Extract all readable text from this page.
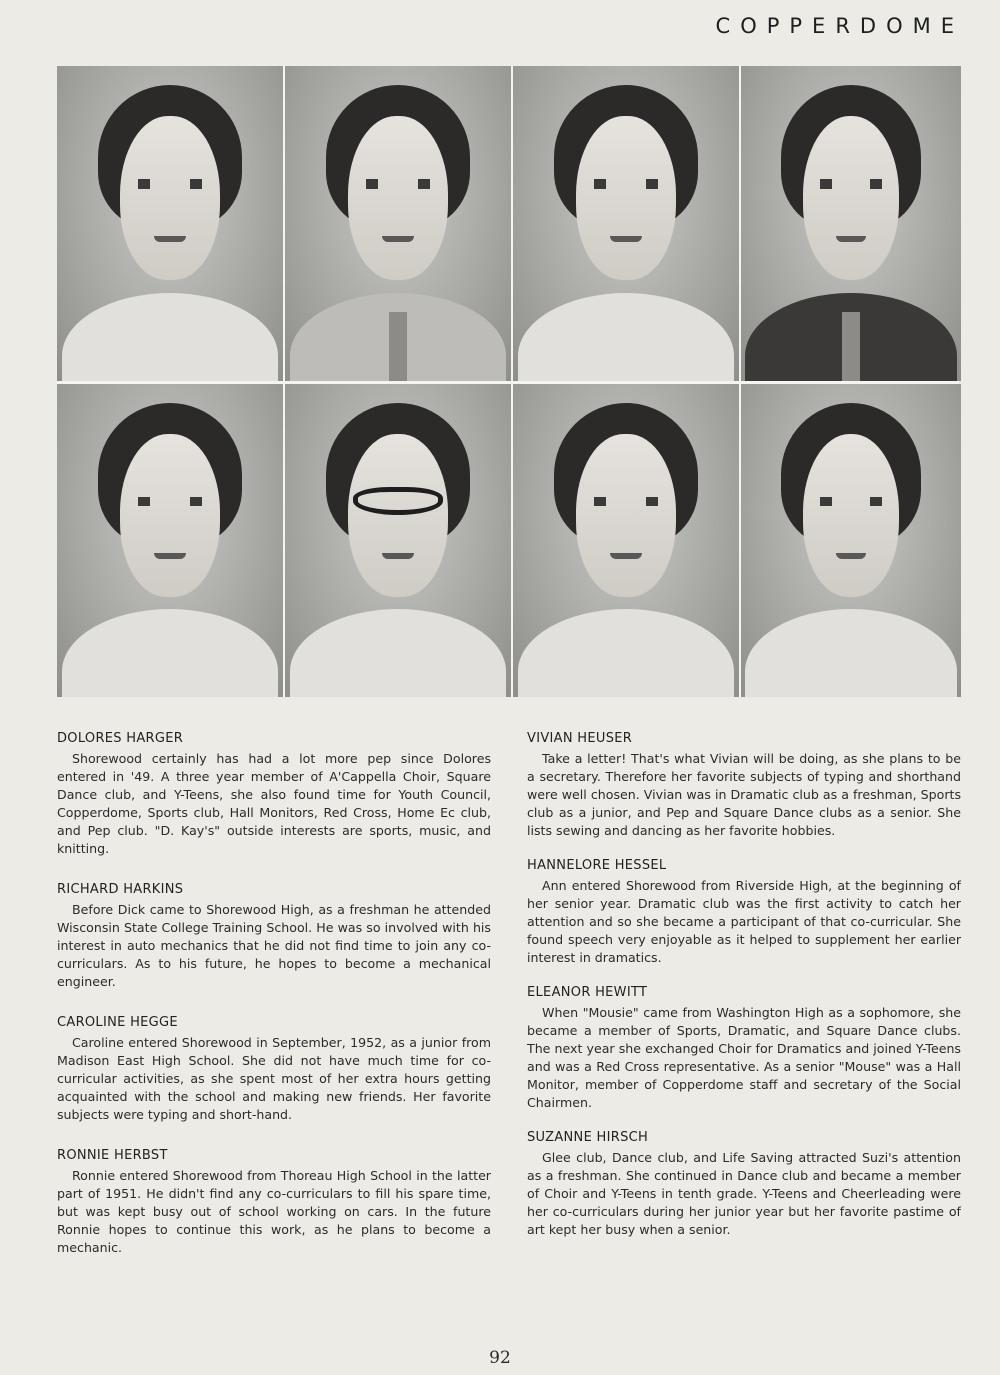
COPPERDOME
DOLORES HARGER

Shorewood certainly has had a lot more pep since Dolores entered in '49. A three year member of A'Cappella Choir, Square Dance club, and Y-Teens, she also found time for Youth Council, Copperdome, Sports club, Hall Monitors, Red Cross, Home Ec club, and Pep club. "D. Kay's" outside interests are sports, music, and knitting.

RICHARD HARKINS

Before Dick came to Shorewood High, as a freshman he attended Wisconsin State College Training School. He was so involved with his interest in auto mechanics that he did not find time to join any co-curriculars. As to his future, he hopes to become a mechanical engineer.

CAROLINE HEGGE

Caroline entered Shorewood in September, 1952, as a junior from Madison East High School. She did not have much time for co-curricular activities, as she spent most of her extra hours getting acquainted with the school and making new friends. Her favorite subjects were typing and short-hand.

RONNIE HERBST

Ronnie entered Shorewood from Thoreau High School in the latter part of 1951. He didn't find any co-curriculars to fill his spare time, but was kept busy out of school working on cars. In the future Ronnie hopes to continue this work, as he plans to become a mechanic.

VIVIAN HEUSER

Take a letter! That's what Vivian will be doing, as she plans to be a secretary. Therefore her favorite subjects of typing and shorthand were well chosen. Vivian was in Dramatic club as a freshman, Sports club as a junior, and Pep and Square Dance clubs as a senior. She lists sewing and dancing as her favorite hobbies.

HANNELORE HESSEL

Ann entered Shorewood from Riverside High, at the beginning of her senior year. Dramatic club was the first activity to catch her attention and so she became a participant of that co-curricular. She found speech very enjoyable as it helped to supplement her earlier interest in dramatics.

ELEANOR HEWITT

When "Mousie" came from Washington High as a sophomore, she became a member of Sports, Dramatic, and Square Dance clubs. The next year she exchanged Choir for Dramatics and joined Y-Teens and was a Red Cross representative. As a senior "Mouse" was a Hall Monitor, member of Copperdome staff and secretary of the Social Chairmen.

SUZANNE HIRSCH

Glee club, Dance club, and Life Saving attracted Suzi's attention as a freshman. She continued in Dance club and became a member of Choir and Y-Teens in tenth grade. Y-Teens and Cheerleading were her co-curriculars during her junior year but her favorite pastime of art kept her busy when a senior.

92
